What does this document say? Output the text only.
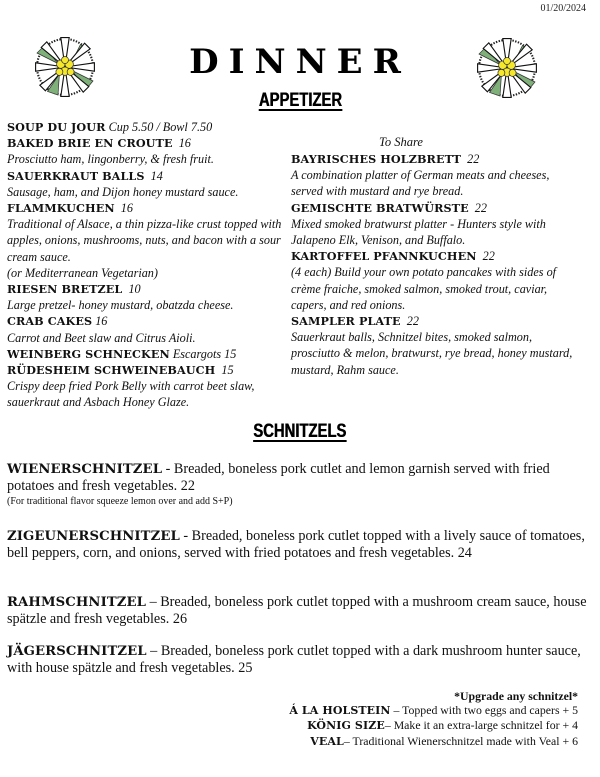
01/20/2024
DINNER
APPETIZER
SOUP DU JOUR Cup 5.50 / Bowl 7.50
BAKED BRIE EN CROUTE 16
Prosciutto ham, lingonberry, & fresh fruit.
SAUERKRAUT BALLS 14
Sausage, ham, and Dijon honey mustard sauce.
FLAMMKUCHEN 16
Traditional of Alsace, a thin pizza-like crust topped with apples, onions, mushrooms, nuts, and bacon with a sour cream sauce.
(or Mediterranean Vegetarian)
RIESEN BRETZEL 10
Large pretzel- honey mustard, obatzda cheese.
CRAB CAKES 16
Carrot and Beet slaw and Citrus Aioli.
WEINBERG SCHNECKEN Escargots 15
RÜDESHEIM SCHWEINEBAUCH 15
Crispy deep fried Pork Belly with carrot beet slaw, sauerkraut and Asbach Honey Glaze.
To Share
BAYRISCHES HOLZBRETT 22
A combination platter of German meats and cheeses, served with mustard and rye bread.
GEMISCHTE BRATWÜRSTE 22
Mixed smoked bratwurst platter - Hunters style with Jalapeno Elk, Venison, and Buffalo.
KARTOFFEL PFANNKUCHEN 22
(4 each) Build your own potato pancakes with sides of crème fraiche, smoked salmon, smoked trout, caviar, capers, and red onions.
SAMPLER PLATE 22
Sauerkraut balls, Schnitzel bites, smoked salmon, prosciutto & melon, bratwurst, rye bread, honey mustard, mustard, Rahm sauce.
SCHNITZELS
WIENERSCHNITZEL - Breaded, boneless pork cutlet and lemon garnish served with fried potatoes and fresh vegetables. 22
(For traditional flavor squeeze lemon over and add S+P)
ZIGEUNERSCHNITZEL - Breaded, boneless pork cutlet topped with a lively sauce of tomatoes, bell peppers, corn, and onions, served with fried potatoes and fresh vegetables. 24
RAHMSCHNITZEL – Breaded, boneless pork cutlet topped with a mushroom cream sauce, house spätzle and fresh vegetables. 26
JÄGERSCHNITZEL – Breaded, boneless pork cutlet topped with a dark mushroom hunter sauce, with house spätzle and fresh vegetables. 25
*Upgrade any schnitzel*
Á LA HOLSTEIN – Topped with two eggs and capers + 5
KÖNIG SIZE– Make it an extra-large schnitzel for + 4
VEAL– Traditional Wienerschnitzel made with Veal + 6
